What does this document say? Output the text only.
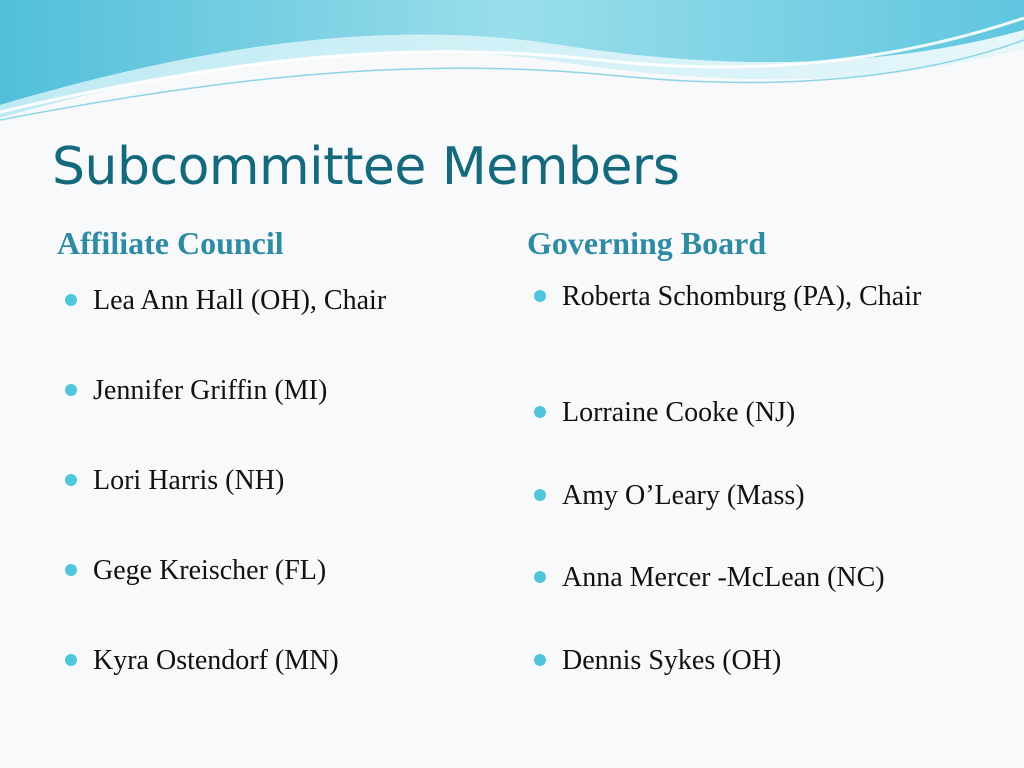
Subcommittee Members
Affiliate Council	Governing Board
Lea Ann Hall (OH), Chair
Jennifer Griffin (MI)
Lori Harris (NH)
Gege Kreischer (FL)
Kyra Ostendorf (MN)
Roberta Schomburg (PA), Chair
Lorraine Cooke (NJ)
Amy O’Leary (Mass)
Anna Mercer -McLean (NC)
Dennis Sykes (OH)
